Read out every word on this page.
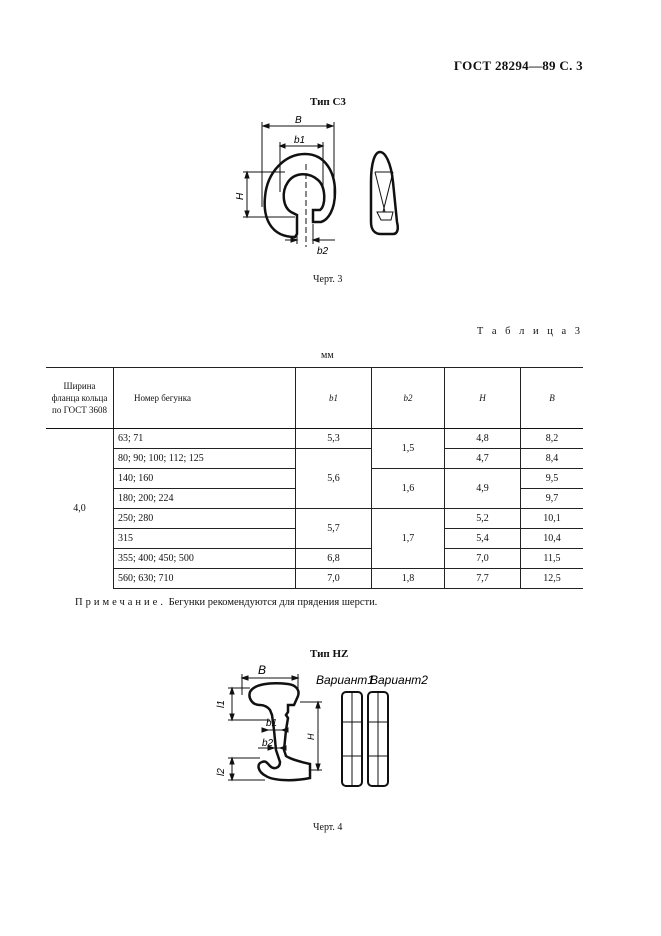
ГОСТ 28294—89 С. 3
Тип С3
B
b1
H
b2
Черт. 3
Т а б л и ц а 3
мм
Ширина фланца кольца по ГОСТ 3608	Номер бегунка	b1	b2	H	B
4,0	63; 71	5,3	1,5	4,8	8,2
	80; 90; 100; 112; 125	5,6		4,7	8,4
	140; 160		1,6	4,9	9,5
	180; 200; 224				9,7
	250; 280	5,7	1,7	5,2	10,1
	315			5,4	10,4
	355; 400; 450; 500	6,8		7,0	11,5
	560; 630; 710	7,0	1,8	7,7	12,5
Примечание. Бегунки рекомендуются для прядения шерсти.
Тип HZ
B
l1
l2
b1
b2
H
Вариант1
Вариант2
Черт. 4
